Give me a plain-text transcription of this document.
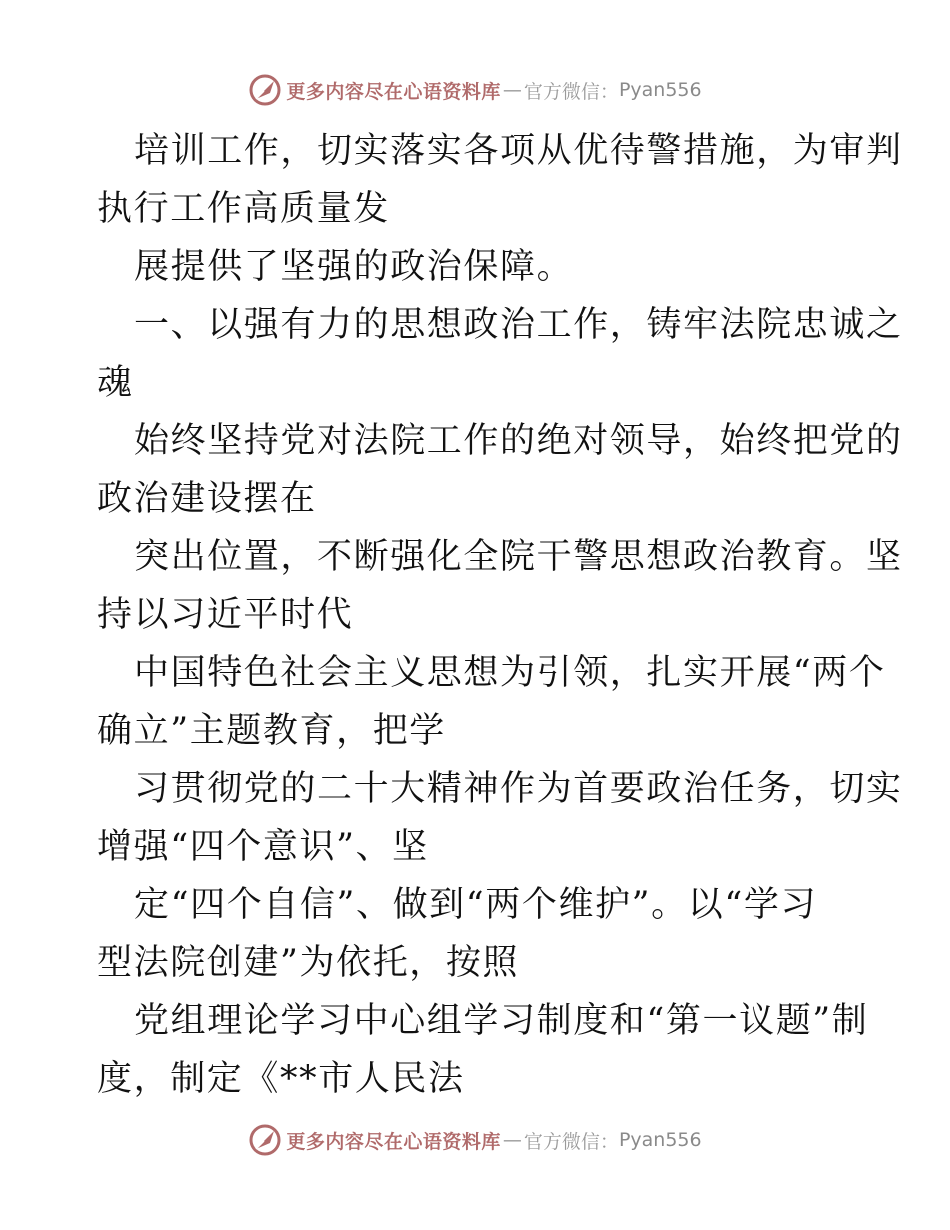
更多内容尽在心语资料库 — 官方微信： Pyan556
培训工作，切实落实各项从优待警措施，为审判
执行工作高质量发
展提供了坚强的政治保障。
一、以强有力的思想政治工作，铸牢法院忠诚之
魂
始终坚持党对法院工作的绝对领导，始终把党的
政治建设摆在
突出位置，不断强化全院干警思想政治教育。坚
持以习近平时代
中国特色社会主义思想为引领，扎实开展“两个
确立”主题教育，把学
习贯彻党的二十大精神作为首要政治任务，切实
增强“四个意识”、坚
定“四个自信”、做到“两个维护”。以“学习
型法院创建”为依托，按照
党组理论学习中心组学习制度和“第一议题”制
度，制定《**市人民法
更多内容尽在心语资料库 — 官方微信： Pyan556
